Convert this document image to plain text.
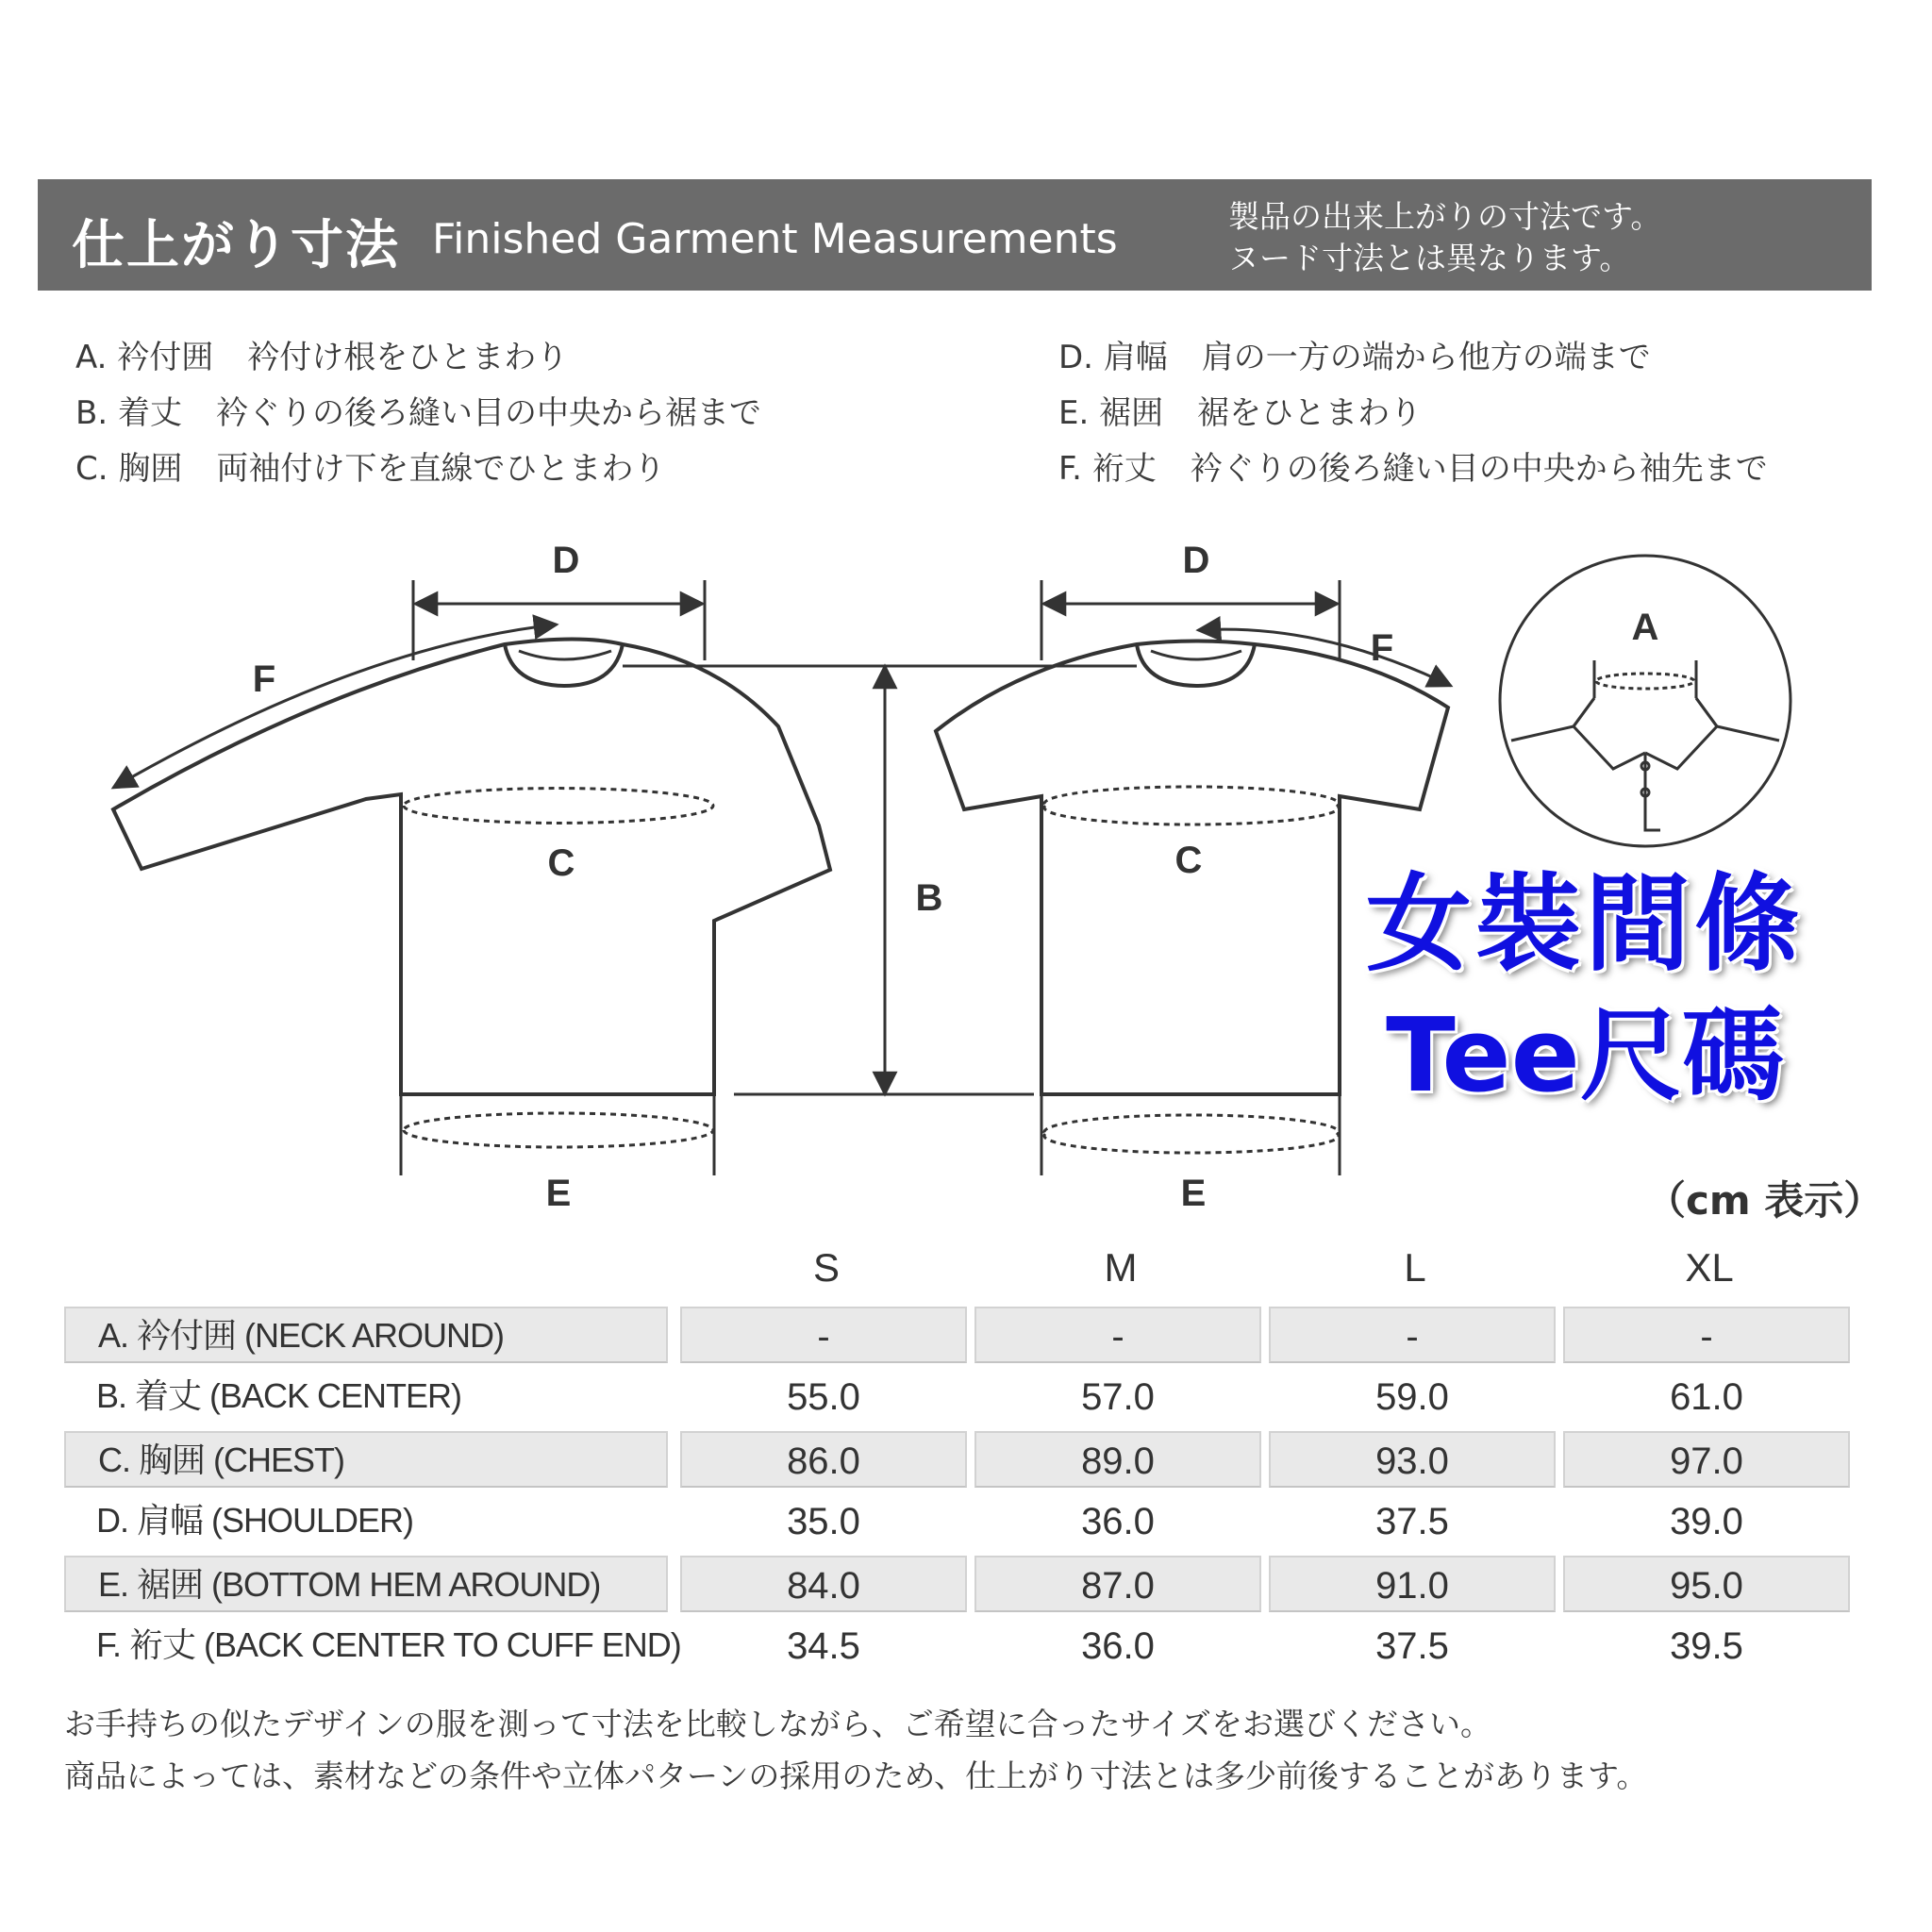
仕上がり寸法 Finished Garment Measurements	製品の出来上がりの寸法です。
ヌード寸法とは異なります。
A. 衿付囲 衿付け根をひとまわり
B. 着丈 衿ぐりの後ろ縫い目の中央から裾まで
C. 胸囲 両袖付け下を直線でひとまわり
D. 肩幅 肩の一方の端から他方の端まで
E. 裾囲 裾をひとまわり
F. 裄丈 衿ぐりの後ろ縫い目の中央から袖先まで
D	D
F
F
C	C
B
E	E
A
女裝間條
Tee尺碼
（cm 表示）
S	M	L	XL
A. 衿付囲 (NECK AROUND)	-	-	-	-
B. 着丈 (BACK CENTER)	55.0	57.0	59.0	61.0
C. 胸囲 (CHEST)	86.0	89.0	93.0	97.0
D. 肩幅 (SHOULDER)	35.0	36.0	37.5	39.0
E. 裾囲 (BOTTOM HEM AROUND)	84.0	87.0	91.0	95.0
F. 裄丈 (BACK CENTER TO CUFF END)	34.5	36.0	37.5	39.5
お手持ちの似たデザインの服を測って寸法を比較しながら、ご希望に合ったサイズをお選びください。
商品によっては、素材などの条件や立体パターンの採用のため、仕上がり寸法とは多少前後することがあります。
